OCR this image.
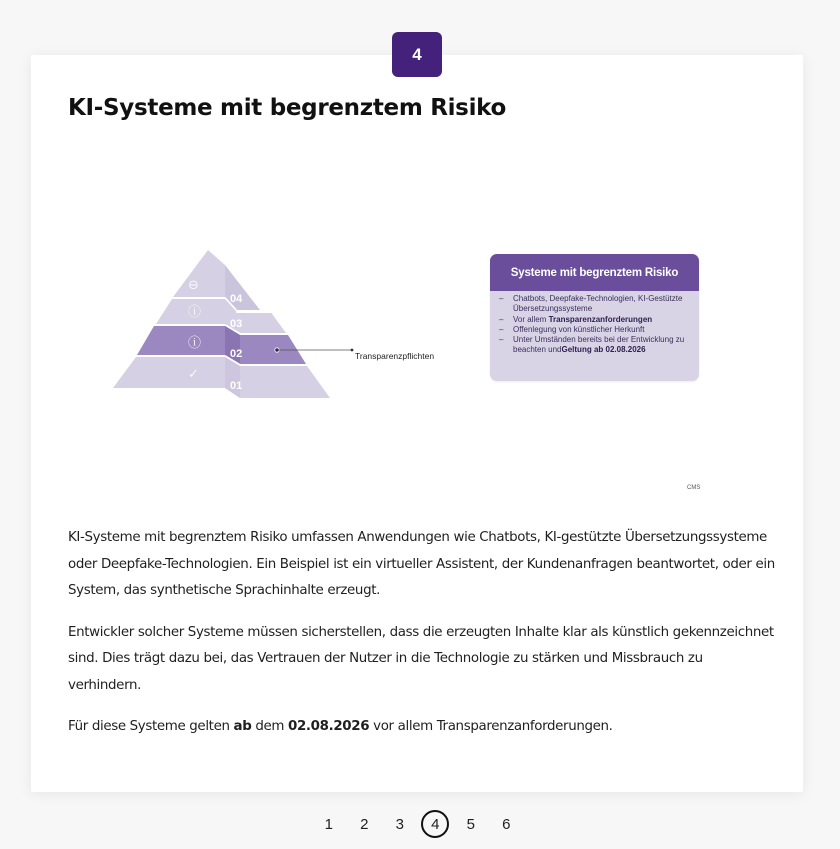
4
KI-Systeme mit begrenztem Risiko
04
03
02
01
⊖
ⓘ
ⓘ
✓
Transparenzpflichten
Systeme mit begrenztem Risiko
– Chatbots, Deepfake-Technologien, KI-Gestützte Übersetzungssysteme
– Vor allem Transparenzanforderungen
– Offenlegung von künstlicher Herkunft
– Unter Umständen bereits bei der Entwicklung zu beachten undGeltung ab 02.08.2026
CMS

KI-Systeme mit begrenztem Risiko umfassen Anwendungen wie Chatbots, KI-gestützte Übersetzungssysteme oder Deepfake-Technologien. Ein Beispiel ist ein virtueller Assistent, der Kundenanfragen beantwortet, oder ein System, das synthetische Sprachinhalte erzeugt.

Entwickler solcher Systeme müssen sicherstellen, dass die erzeugten Inhalte klar als künstlich gekennzeichnet sind. Dies trägt dazu bei, das Vertrauen der Nutzer in die Technologie zu stärken und Missbrauch zu verhindern.

Für diese Systeme gelten ab dem 02.08.2026 vor allem Transparenzanforderungen.

1 2 3	4	5 6
